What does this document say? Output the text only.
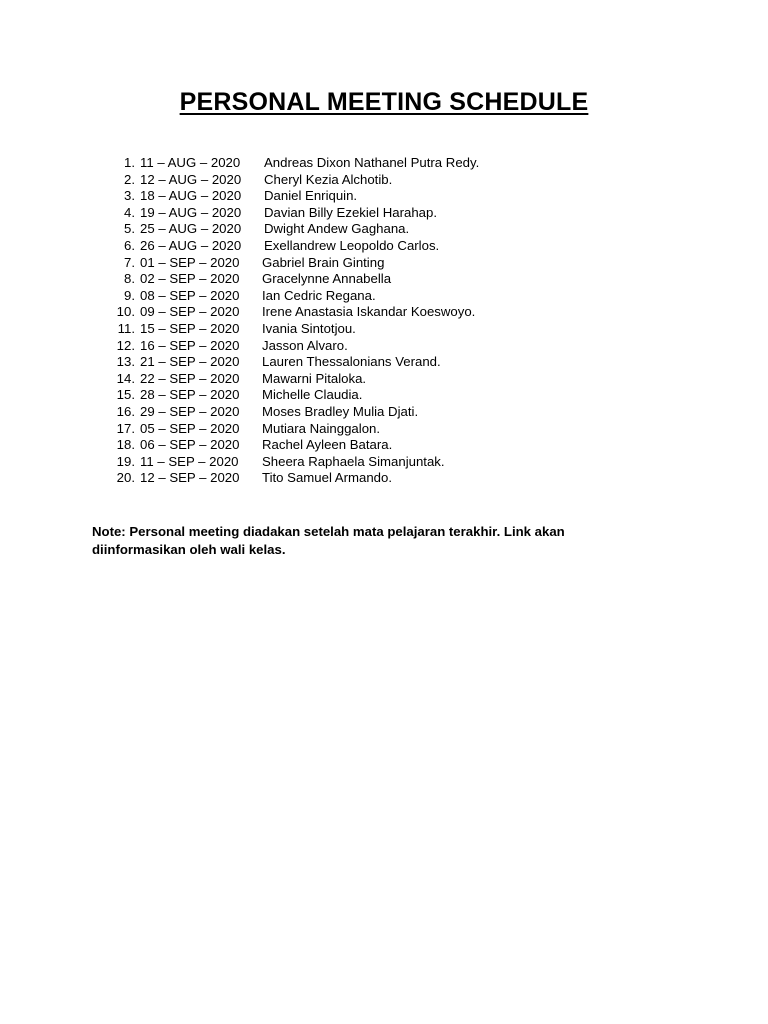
PERSONAL MEETING SCHEDULE
1. 11 – AUG – 2020 Andreas Dixon Nathanel Putra Redy.
2. 12 – AUG – 2020 Cheryl Kezia Alchotib.
3. 18 – AUG – 2020 Daniel Enriquin.
4. 19 – AUG – 2020 Davian Billy Ezekiel Harahap.
5. 25 – AUG – 2020 Dwight Andew Gaghana.
6. 26 – AUG – 2020 Exellandrew Leopoldo Carlos.
7. 01 – SEP – 2020 Gabriel Brain Ginting
8. 02 – SEP – 2020 Gracelynne Annabella
9. 08 – SEP – 2020 Ian Cedric Regana.
10. 09 – SEP – 2020 Irene Anastasia Iskandar Koeswoyo.
11. 15 – SEP – 2020 Ivania Sintotjou.
12. 16 – SEP – 2020 Jasson Alvaro.
13. 21 – SEP – 2020 Lauren Thessalonians Verand.
14. 22 – SEP – 2020 Mawarni Pitaloka.
15. 28 – SEP – 2020 Michelle Claudia.
16. 29 – SEP – 2020 Moses Bradley Mulia Djati.
17. 05 – SEP – 2020 Mutiara Nainggalon.
18. 06 – SEP – 2020 Rachel Ayleen Batara.
19. 11 – SEP – 2020 Sheera Raphaela Simanjuntak.
20. 12 – SEP – 2020 Tito Samuel Armando.
Note: Personal meeting diadakan setelah mata pelajaran terakhir. Link akan
diinformasikan oleh wali kelas.
